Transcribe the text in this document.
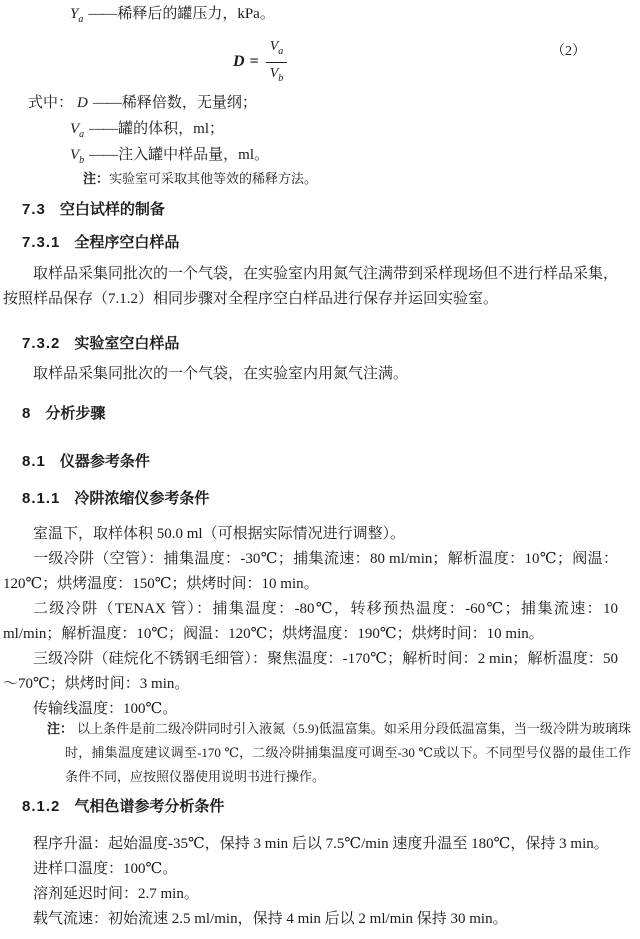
$Y_a$ ——稀释后的罐压力，kPa。
$D = \frac{V_a}{V_b}$	（2）
式中： D ——稀释倍数，无量纲；
$V_a$ ——罐的体积，ml；
$V_b$ ——注入罐中样品量，ml。
注：实验室可采取其他等效的稀释方法。
7.3 空白试样的制备
7.3.1 全程序空白样品
取样品采集同批次的一个气袋，在实验室内用氮气注满带到采样现场但不进行样品采集，按照样品保存（7.1.2）相同步骤对全程序空白样品进行保存并运回实验室。
7.3.2 实验室空白样品
取样品采集同批次的一个气袋，在实验室内用氮气注满。
8 分析步骤
8.1 仪器参考条件
8.1.1 冷阱浓缩仪参考条件
室温下，取样体积 50.0 ml（可根据实际情况进行调整）。
一级冷阱（空管）：捕集温度：-30℃；捕集流速：80 ml/min；解析温度：10℃；阀温：120℃；烘烤温度：150℃；烘烤时间：10 min。
二级冷阱（TENAX 管）：捕集温度：-80℃，转移预热温度：-60℃；捕集流速：10 ml/min；解析温度：10℃；阀温：120℃；烘烤温度：190℃；烘烤时间：10 min。
三级冷阱（硅烷化不锈钢毛细管）：聚焦温度：-170℃；解析时间：2 min；解析温度：50～70℃；烘烤时间：3 min。
传输线温度：100℃。
注： 以上条件是前二级冷阱同时引入液氮（5.9)低温富集。如采用分段低温富集，当一级冷阱为玻璃珠时，捕集温度建议调至-170 ℃，二级冷阱捕集温度可调至-30 ℃或以下。不同型号仪器的最佳工作条件不同，应按照仪器使用说明书进行操作。
8.1.2 气相色谱参考分析条件
程序升温：起始温度-35℃，保持 3 min 后以 7.5℃/min 速度升温至 180℃，保持 3 min。
进样口温度：100℃。
溶剂延迟时间：2.7 min。
载气流速：初始流速 2.5 ml/min，保持 4 min 后以 2 ml/min 保持 30 min。
